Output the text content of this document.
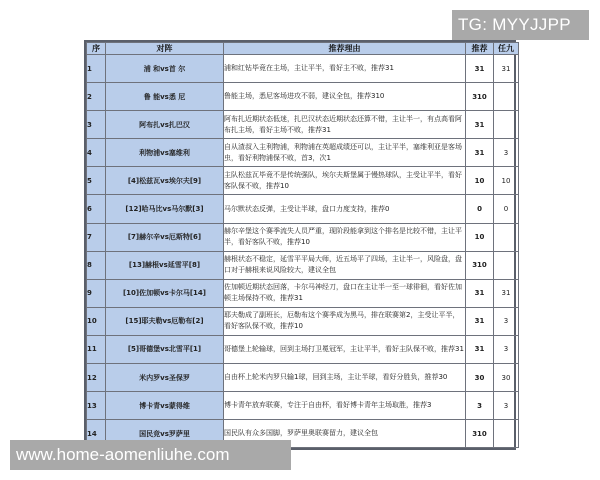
TG: MYYJJPP
序	对阵	推荐理由	推荐	任九
1	浦 和vs首 尔	浦和红钻毕竟在主场，主让平半，看好主不败，推荐31	31	31
2	鲁 能vs悉 尼	鲁能主场，悉尼客场进攻不弱，建议全包，推荐310	310	
3	阿布扎vs扎巴汉	阿布扎近期状态低迷，扎巴汉状态近期状态还算不错，主让半一，有点高看阿布扎主场，看好主场不败，推荐31	31	
4	利物浦vs塞维利	自从渣叔入主利物浦，利物浦在英超成绩还可以，主让平半，塞维利亚是客场虫，看好利物浦保不败，首3，次1	31	3
5	[4]松兹瓦vs埃尔夫[9]	主队松兹瓦毕竟不是传统强队，埃尔夫斯堡属于慢热球队，主受让平半，看好客队保不败，推荐10	10	10
6	[12]哈马比vs马尔默[3]	马尔默状态反弹，主受让半球，盘口力度支持，推荐0	0	0
7	[7]赫尔辛vs厄斯特[6]	赫尔辛堡这个赛季流失人员严重，现阶段能拿到这个排名是比较不错，主让平半，看好客队不败，推荐10	10	
8	[13]赫根vs延雪平[8]	赫根状态不稳定，延雪平平局大师，近五场平了四场，主让半一，风险盘，盘口对于赫根来说风险较大，建议全包	310	
9	[10]佐加顿vs卡尔马[14]	佐加顿近期状态回落，卡尔马神经刀，盘口在主让半一至一球徘徊，看好佐加顿主场保持不败，推荐31	31	31
10	[15]耶夫勒vs厄勒布[2]	耶夫勒成了副班长，厄勒布这个赛季成为黑马，排在联赛第2，主受让平半，看好客队保不败，推荐10	31	3
11	[5]哥德堡vs北雪平[1]	哥德堡上轮输球，回到主场打卫冕冠军，主让平半，看好主队保不败，推荐31	31	3
12	米内罗vs圣保罗	自由杯上轮米内罗只输1球，回到主场，主让半球，看好分胜负，推荐30	30	30
13	博卡青vs蒙得维	博卡青年放弃联赛，专注于自由杯，看好博卡青年主场取胜，推荐3	3	3
14	国民竞vs罗萨里	国民队有众多国脚，罗萨里奥联赛留力，建议全包	310	
www.home-aomenliuhe.com
